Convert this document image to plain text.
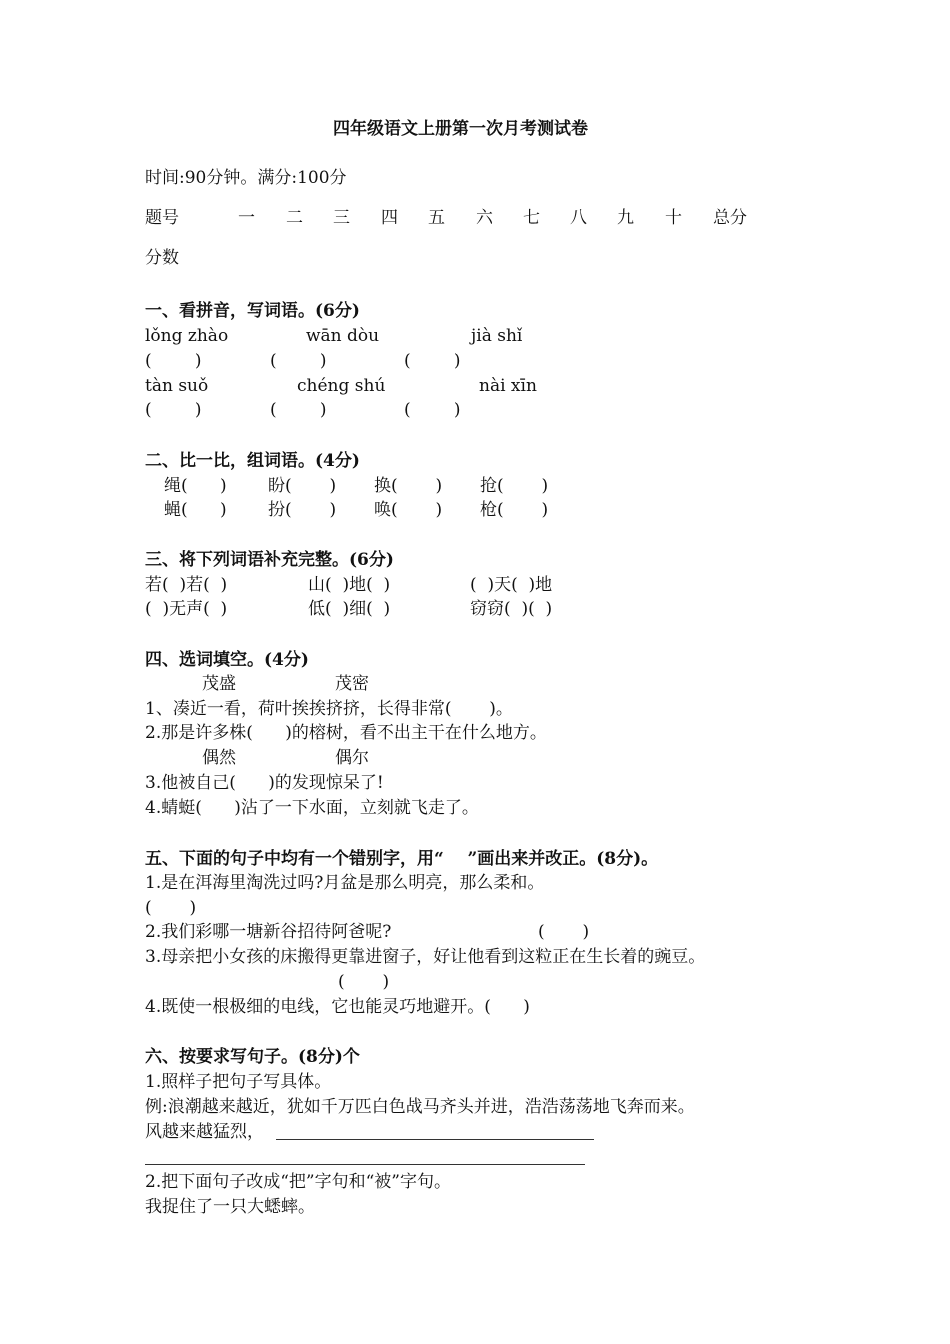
四年级语文上册第一次月考测试卷
时间:90分钟。满分:100分
题号	一 二 三 四 五 六 七 八 九 十 总分
分数
一、看拼音，写词语。(6分)
lǒng zhào	wān dòu	jià shǐ
(        )	(        )	(        )
tàn suǒ	chéng shú	nài xīn
(        )	(        )	(        )
二、比一比，组词语。(4分)
绳(      ) 盼(       ) 换(       ) 抢(       )
蝇(      ) 扮(       ) 唤(       ) 枪(       )
三、将下列词语补充完整。(6分)
若(  )若(  )	山(  )地(  )	(  )天(  )地
(  )无声(  )	低(  )细(  )	窃窃(  )(  )
四、选词填空。(4分)
茂盛	茂密
1、凑近一看，荷叶挨挨挤挤，长得非常(       )。
2.那是许多株(      )的榕树，看不出主干在什么地方。
偶然	偶尔
3.他被自己(      )的发现惊呆了!
4.蜻蜓(      )沾了一下水面，立刻就飞走了。
五、下面的句子中均有一个错别字，用“    ”画出来并改正。(8分)。
1.是在洱海里淘洗过吗?月盆是那么明亮，那么柔和。
(       )
2.我们彩哪一塘新谷招待阿爸呢?	(       )
3.母亲把小女孩的床搬得更靠进窗子，好让他看到这粒正在生长着的豌豆。
(       )
4.既使一根极细的电线，它也能灵巧地避开。(      )
六、按要求写句子。(8分)个
1.照样子把句子写具体。
例:浪潮越来越近，犹如千万匹白色战马齐头并进，浩浩荡荡地飞奔而来。
风越来越猛烈，
2.把下面句子改成“把”字句和“被”字句。
我捉住了一只大蟋蟀。
